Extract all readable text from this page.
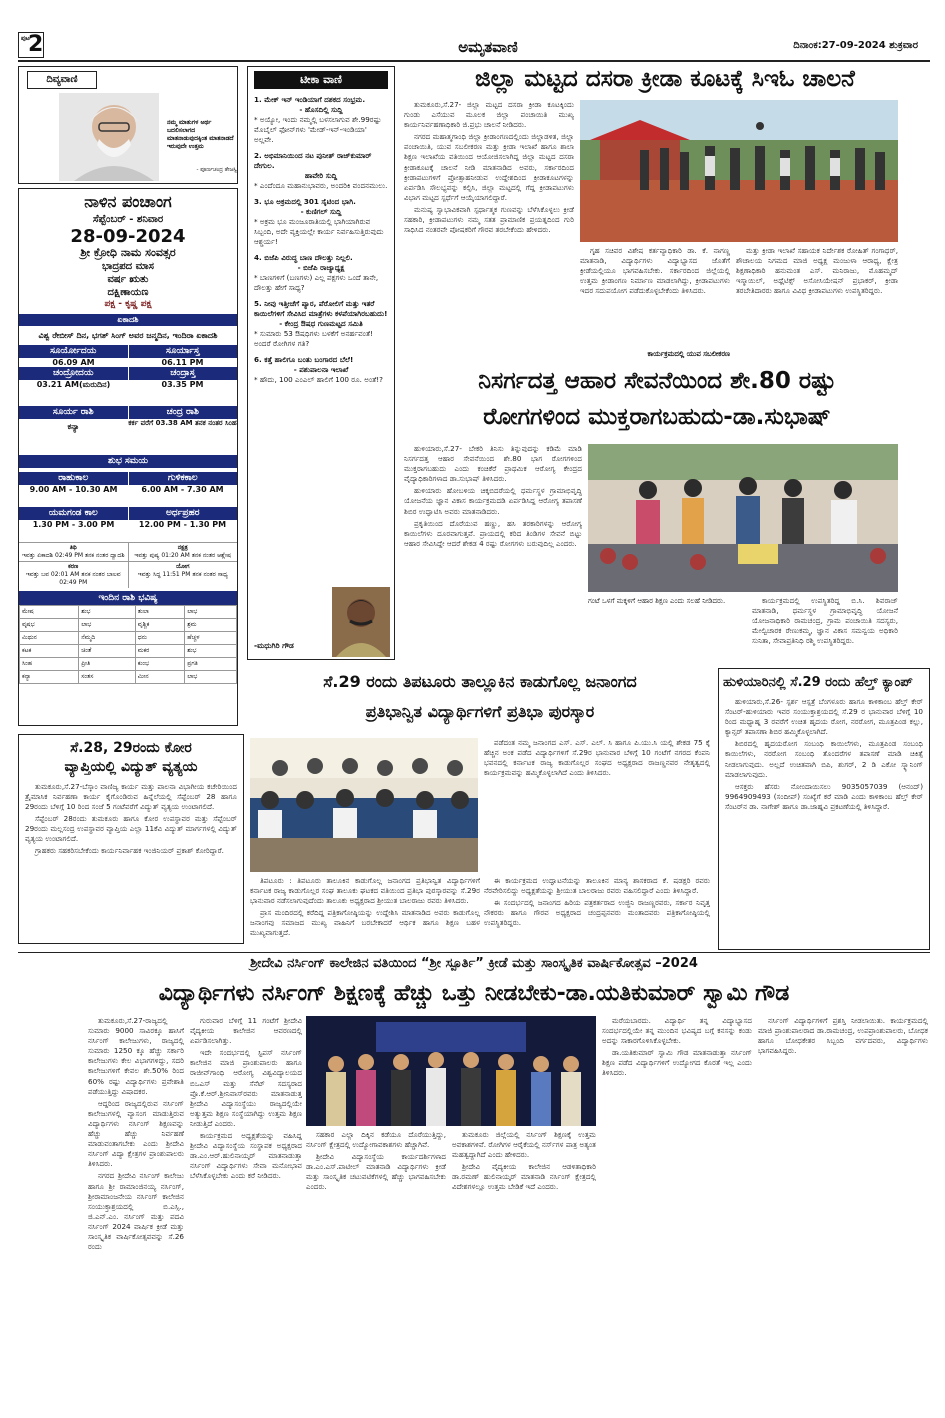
ಪುಟ
2	ಅಮೃತವಾಣಿ	ದಿನಾಂಕ:27-09-2024 ಶುಕ್ರವಾರ
ದಿವ್ಯವಾಣಿ
ನಮ್ಮ ಮಾತುಗಳ ಅರ್ಥ ಬದಲಿಸಲಾಗದ ಮಾತನಾಡುವುದಕ್ಕಿಂತ ಮಾತನಾಡದೆ ಇರುವುದೇ ಉತ್ತಮ
- ಪೂರ್ಣಚಂದ್ರ ತೇಜಸ್ವಿ
ನಾಳಿನ ಪಂಚಾಂಗ
ಸೆಪ್ಟೆಂಬರ್ - ಶನಿವಾರ
28-09-2024
ಶ್ರೀ ಕ್ರೋಧಿ ನಾಮ ಸಂವತ್ಸರ
ಭಾದ್ರಪದ ಮಾಸ
ವರ್ಷ ಋತು
ದಕ್ಷಿಣಾಯಣ
ಪಕ್ಷ - ಕೃಷ್ಣ ಪಕ್ಷ
ಏಕಾದಶಿ
ವಿಶ್ವ ರೇಬೀಸ್ ದಿನ, ಭಗತ್ ಸಿಂಗ್ ಅವರ ಜನ್ಮದಿನ, ಇಂದಿರಾ ಏಕಾದಶಿ
ಸೂರ್ಯೋದಯ	ಸೂರ್ಯಾಸ್ತ
06.09 AM	06.11 PM
ಚಂದ್ರೋದಯ	ಚಂದ್ರಾಸ್ತ
03.21 AM(ಮರುದಿನ)	03.35 PM
ಸೂರ್ಯ ರಾಶಿ	ಚಂದ್ರ ರಾಶಿ
ಕನ್ಯಾ	ಕರ್ಕ ವರೆಗೆ 03.38 AM ತನಕ ನಂತರ ಸಿಂಹ
ಶುಭ ಸಮಯ
ರಾಹುಕಾಲ	ಗುಳಿಕಕಾಲ
9.00 AM - 10.30 AM	6.00 AM - 7.30 AM
ಯಮಗಂಡ ಕಾಲ	ಅರ್ಧಪ್ರಹರ
1.30 PM - 3.00 PM	12.00 PM - 1.30 PM
ತಿಥಿ
ಇವತ್ತು ಏಕಾದಶಿ 02:49 PM ತನಕ ನಂತರ ದ್ವಾದಶಿ
ನಕ್ಷತ್ರ
ಇವತ್ತು ಪುಷ್ಯ 01:20 AM ತನಕ ನಂತರ ಆಶ್ಲೇಷ
ಕರಣ
ಇವತ್ತು ಬವ 02:01 AM ತನಕ ನಂತರ ಬಾಲವ 02:49 PM
ಯೋಗ
ಇವತ್ತು ಸಿದ್ಧ 11:51 PM ತನಕ ನಂತರ ಸಾಧ್ಯ
ಇಂದಿನ ರಾಶಿ ಭವಿಷ್ಯ
ಮೇಷ	ಶುಭ	ತುಲಾ	ಲಾಭ
ವೃಷಭ	ಲಾಭ	ವೃಶ್ಚಿಕ	ಶ್ರಮ
ಮಿಥುನ	ನೆಮ್ಮದಿ	ಧನು	ಹೆಚ್ಚಳ
ಕಟಕ	ಚಿಂತೆ	ಮಕರ	ಶುಭ
ಸಿಂಹ	ಪ್ರೀತಿ	ಕುಂಭ	ಪ್ರಗತಿ
ಕನ್ಯಾ	ಸಂತಸ	ಮೀನ	ಲಾಭ
ಸೆ.28, 29ರಂದು ಕೋರ
ವ್ಯಾಪ್ತಿಯಲ್ಲಿ ವಿದ್ಯುತ್ ವ್ಯತ್ಯಯ

ತುಮಕೂರು,ಸೆ.27-ಬೆಸ್ಕಾಂ ವಾಣಿಜ್ಯ ಕಾರ್ಯ ಮತ್ತು ಪಾಲನಾ ವಿಭಾಗೀಯ ಕಚೇರಿಯಿಂದ ತ್ರೈಮಾಸಿಕ ನಿರ್ವಹಣಾ ಕಾರ್ಯ ಕೈಗೊಂಡಿರುವ ಹಿನ್ನೆಲೆಯಲ್ಲಿ ಸೆಪ್ಟೆಂಬರ್ 28 ಹಾಗೂ 29ರಂದು ಬೆಳಿಗ್ಗೆ 10 ರಿಂದ ಸಂಜೆ 5 ಗಂಟೆವರೆಗೆ ವಿದ್ಯುತ್ ವ್ಯತ್ಯಯ ಉಂಟಾಗಲಿದೆ.

ಸೆಪ್ಟೆಂಬರ್ 28ರಂದು ತುಮಕೂರು ಹಾಗೂ ಕೋರ ಉಪಸ್ಥಾವರ ಮತ್ತು ಸೆಪ್ಟೆಂಬರ್ 29ರಂದು ಮಲ್ಲಸಂದ್ರ ಉಪಸ್ಥಾವರ ವ್ಯಾಪ್ತಿಯ ಎಲ್ಲಾ 11ಕೆವಿ ವಿದ್ಯುತ್ ಮಾರ್ಗಗಳಲ್ಲಿ ವಿದ್ಯುತ್ ವ್ಯತ್ಯಯ ಉಂಟಾಗಲಿದೆ.

ಗ್ರಾಹಕರು ಸಹಕರಿಸಬೇಕೆಂದು ಕಾರ್ಯನಿರ್ವಾಹಕ ಇಂಜಿನಿಯರ್ ಪ್ರಕಾಶ್ ಕೋರಿದ್ದಾರೆ.

ಟೀಕಾ ವಾಣಿ
1. ಮೇಕ್ ಇನ್ ಇಂಡಿಯಾಗೆ ದಶಕದ ಸಂಭ್ರಮ.
- ಹೊಸದಿಲ್ಲಿ ಸುದ್ದಿ
* ಅಯ್ಯೋ, ಇಂದು ನಮ್ಮಲ್ಲಿ ಬಳಸಲಾಗುವ ಶೇ.99ರಷ್ಟು ಮೊಬೈಲ್ ಫೋನ್‌ಗಳು 'ಮೇಡ್-ಇನ್-ಇಂಡಿಯಾ' ಅಲ್ಲವೇ.
2. ಅಭಿಮಾನಿಯಿಂದ ನಟ ಪುನೀತ್ ರಾಜ್‌ಕುಮಾರ್ ದೇಗುಲ.
ಹಾವೇರಿ ಸುದ್ದಿ
* ಎಂದೆಂದೂ ಮಹಾನುಭಾವರು, ಅಂದರಿಕಿ ವಂದನಮುಲು.
3. ಭೂ ಅಕ್ರಮದಲ್ಲಿ 301 ಸೈಟಿಂದ ಭಾಗಿ.
- ಕುಣಿಗಲ್ ಸುದ್ದಿ
* ಅಕ್ರಮ ಭೂ ಮಂಜೂರಾತಿಯಲ್ಲಿ ಭಾಗಿಯಾಗಿರುವ ಸಿಬ್ಬಂದಿ, ಅದೇ ವ್ಯಕ್ತಿಯಲ್ಲೇ ಕಾರ್ಯ ನಿರ್ವಹಿಸುತ್ತಿರುವುದು ಆಶ್ಚರ್ಯ!
4. ಬಿಜೆಪಿ ವಿರುದ್ಧ ಬಾಣ ದೌಲತ್ತು ನಿಲ್ಲಲಿ.
- ಬಿಜೆಪಿ ರಾಜ್ಯಾಧ್ಯಕ್ಷ
* ಬಾಣಗಳಿಗೆ (ಬಣಗಳು) ಎಲ್ಲ ಪಕ್ಷಗಳು ಒಂದೆ ತಾನೇ, ದೌಲತ್ತು ಹೇಗೆ ಸಾಧ್ಯ?
5. ನೀವು ಇತ್ತೀಚೆಗೆ ಪ್ಯಾರ, ಪೆರೋಲಿಗೆ ಮತ್ತು ಇತರೆ ಕಾಯಿಲೆಗಳಿಗೆ ಸೇವಿಸಿದ ಮಾತ್ರೆಗಳು ಕಳಪೆಯಾಗಿರಬಹುದು!
- ಕೇಂದ್ರ ಔಷಧ ಗುಣಮಟ್ಟದ ಸಮಿತಿ
* ಸುಮಾರು 53 ಔಷಧಿಗಳು ಬಳಕೆಗೆ ಅನರ್ಹವಂತೆ! ಅಂದರೆ ರೋಗಿಗಳ ಗತಿ?
6. ಕತ್ತೆ ಹಾಲಿಗೂ ಬಂತು ಬಂಗಾರದ ಬೆಲೆ!
- ಪಶುಪಾಲನಾ ಇಲಾಖೆ
* ಹೌದು, 100 ಎಂಎಲ್ ಹಾಲಿಗೆ 100 ರೂ. ಅಂತೆ!?
-ಮಧುಗಿರಿ ಗೌಡ
ಜಿಲ್ಲಾ ಮಟ್ಟದ ದಸರಾ ಕ್ರೀಡಾ ಕೂಟಕ್ಕೆ ಸಿಇಓ ಚಾಲನೆ

ತುಮಕೂರು,ಸೆ.27- ಜಿಲ್ಲಾ ಮಟ್ಟದ ದಸರಾ ಕ್ರೀಡಾ ಕೂಟಕ್ಕಿಂದು ಗುಂಡು ಎಸೆಯುವ ಮೂಲಕ ಜಿಲ್ಲಾ ಪಂಚಾಯಿತಿ ಮುಖ್ಯ ಕಾರ್ಯನಿರ್ವಹಣಾಧಿಕಾರಿ ಜಿ.ಪ್ರಭು ಚಾಲನೆ ನೀಡಿದರು.

ನಗರದ ಮಹಾತ್ಮಗಾಂಧಿ ಜಿಲ್ಲಾ ಕ್ರೀಡಾಂಗಣದಲ್ಲಿಂದು ಜಿಲ್ಲಾಡಳಿತ, ಜಿಲ್ಲಾ ಪಂಚಾಯಿತಿ, ಯುವ ಸಬಲೀಕರಣ ಮತ್ತು ಕ್ರೀಡಾ ಇಲಾಖೆ ಹಾಗೂ ಶಾಲಾ ಶಿಕ್ಷಣ ಇಲಾಖೆಯ ವತಿಯಿಂದ ಆಯೋಜಿಸಲಾಗಿದ್ದ ಜಿಲ್ಲಾ ಮಟ್ಟದ ದಸರಾ ಕ್ರೀಡಾಕೂಟಕ್ಕೆ ಚಾಲನೆ ನೀಡಿ ಮಾತನಾಡಿದ ಅವರು, ಸರ್ಕಾರದಿಂದ ಕ್ರೀಡಾಪಟುಗಳಿಗೆ ಪ್ರೋತ್ಸಾಹನೀಡುವ ಉದ್ದೇಶದಿಂದ ಕ್ರೀಡಾಕೂಟಗಳನ್ನು ಏರ್ಪಡಿಸಿ ಸೌಲಭ್ಯವನ್ನು ಕಲ್ಪಿಸಿ, ಜಿಲ್ಲಾ ಮಟ್ಟದಲ್ಲಿ ಗೆದ್ದ ಕ್ರೀಡಾಪಟುಗಳು ವಿಭಾಗ ಮಟ್ಟದ ಸ್ಪರ್ಧೆಗೆ ಆಯ್ಕೆಯಾಗಲಿದ್ದಾರೆ.

ಮನುಷ್ಯ ಸ್ವಾಭಾವಿಕವಾಗಿ ಸ್ಪರ್ಧಾತ್ಮಕ ಗುಣವನ್ನು ಬೆಳೆಸಿಕೊಳ್ಳಲು ಕ್ರೀಡೆ ಸಹಕಾರಿ, ಕ್ರೀಡಾಪಟುಗಳು ನಮ್ಮ ಸತತ ಪ್ರಾಮಾಣಿಕ ಪ್ರಯತ್ನದಿಂದ ಗುರಿ ಸಾಧಿಸಿದ ನಂತರವೇ ಪೋಷಕರಿಗೆ ಗೌರವ ತರಬೇಕೆಂದು ಹೇಳಿದರು.

ಗೃಹ ಸಚಿವರ ವಿಶೇಷ ಕರ್ತವ್ಯಾಧಿಕಾರಿ ಡಾ. ಕೆ. ನಾಗಣ್ಣ ಮಾತನಾಡಿ, ವಿದ್ಯಾರ್ಥಿಗಳು ವಿದ್ಯಾಭ್ಯಾಸದ ಜೊತೆಗೆ ಕ್ರೀಡೆಯಲ್ಲಿಯೂ ಭಾಗವಹಿಸಬೇಕು. ಸರ್ಕಾರದಿಂದ ಜಿಲ್ಲೆಯಲ್ಲಿ ಉತ್ತಮ ಕ್ರೀಡಾಂಗಣ ನಿರ್ಮಾಣ ಮಾಡಲಾಗಿದ್ದು, ಕ್ರೀಡಾಪಟುಗಳು ಇದರ ಸದುಪಯೋಗ ಪಡೆದುಕೊಳ್ಳಬೇಕೆಂದು ತಿಳಿಸಿದರು.

ಮತ್ತು ಕ್ರೀಡಾ ಇಲಾಖೆ ಸಹಾಯಕ ನಿರ್ದೇಶಕ ರೋಹಿತ್ ಗಂಗಾಧರ್, ಶೌಚಾಲಯ ನಿಗಮದ ಮಾಜಿ ಅಧ್ಯಕ್ಷ ಮಂಜುಳಾ ಆರಾಧ್ಯ, ಕ್ಷೇತ್ರ ಶಿಕ್ಷಣಾಧಿಕಾರಿ ಹನುಮಂತ ಎಸ್. ಮನಿರಾಜು, ಮೊಹಮ್ಮದ್ ಇಸ್ಮಾಯಿಲ್, ಅಥ್ಲೆಟಿಕ್ಸ್ ಅಸೋಸಿಯೇಷನ್ ಪ್ರಭಾಕರ್, ಕ್ರೀಡಾ ತರಬೇತಿದಾರರು ಹಾಗೂ ವಿವಿಧ ಕ್ರೀಡಾಪಟುಗಳು ಉಪಸ್ಥಿತರಿದ್ದರು.

ಕಾರ್ಯಕ್ರಮದಲ್ಲಿ ಯುವ ಸಬಲೀಕರಣ
ನಿಸರ್ಗದತ್ತ ಆಹಾರ ಸೇವನೆಯಿಂದ ಶೇ.80 ರಷ್ಟು
ರೋಗಗಳಿಂದ ಮುಕ್ತರಾಗಬಹುದು-ಡಾ.ಸುಭಾಷ್

ಹುಳಿಯಾರು,ಸೆ.27- ಬೇಕರಿ ತಿನಿಸು ತಿನ್ನುವುದನ್ನು ಕಡಿಮೆ ಮಾಡಿ ನಿಸರ್ಗದತ್ತ ಆಹಾರ ಸೇವನೆಯಿಂದ ಶೇ.80 ಭಾಗ ರೋಗಗಳಿಂದ ಮುಕ್ತರಾಗಬಹುದು ಎಂದು ಕಂಚಿಕೆರೆ ಪ್ರಾಥಮಿಕ ಆರೋಗ್ಯ ಕೇಂದ್ರದ ವೈದ್ಯಾಧಿಕಾರಿಗಳಾದ ಡಾ.ಸುಭಾಷ್ ತಿಳಿಸಿದರು.

ಹುಳಿಯಾರು ಹೋಬಳಿಯ ಚಿಕ್ಕಬಿದರೆಯಲ್ಲಿ ಧರ್ಮಸ್ಥಳ ಗ್ರಾಮಾಭಿವೃದ್ಧಿ ಯೋಜನೆಯ ಜ್ಞಾನ ವಿಕಾಸ ಕಾರ್ಯಕ್ರಮದಡಿ ಏರ್ಪಡಿಸಿದ್ದ ಆರೋಗ್ಯ ತಪಾಸಣೆ ಶಿಬಿರ ಉದ್ಘಾಟಿಸಿ ಅವರು ಮಾತನಾಡಿದರು.

ಪ್ರಕೃತಿಯಿಂದ ದೊರೆಯುವ ಹಣ್ಣು, ಹಸಿ ತರಕಾರಿಗಳನ್ನು ಆರೋಗ್ಯ ಕಾಯಿಲೆಗಳು ದೂರವಾಗುತ್ತವೆ. ಪ್ರಾಯದಲ್ಲಿ ಕರಿದ ತಿಂಡಿಗಳ ಸೇವನೆ ಬಿಟ್ಟು ಆಹಾರ ಸೇವಿಸಿದ್ದೇ ಆದರೆ ಶೇಕಡ 4 ರಷ್ಟು ರೋಗಗಳು ಬರುವುದಿಲ್ಲ ಎಂದರು.

ಗಂಟೆ ಒಳಗೆ ಮಕ್ಕಳಿಗೆ ಆಹಾರ ಶಿಕ್ಷಣ ಎಂದು ಸಲಹೆ ನೀಡಿದರು.	ಕಾರ್ಯಕ್ರಮದಲ್ಲಿ ಉಪಸ್ಥಿತರಿದ್ದ ಬಿ.ಸಿ. ಶಿವರಾಜ್ ಮಾತನಾಡಿ, ಧರ್ಮಸ್ಥಳ ಗ್ರಾಮಾಭಿವೃದ್ಧಿ ಯೋಜನೆ ಯೋಜನಾಧಿಕಾರಿ ರಾಮಚಂದ್ರ, ಗ್ರಾಮ ಪಂಚಾಯಿತಿ ಸದಸ್ಯರು, ಮೇಲ್ವಿಚಾರಕ ರೇಣುಕಮ್ಮ, ಜ್ಞಾನ ವಿಕಾಸ ಸಮನ್ವಯ ಅಧಿಕಾರಿ ಸುನಿತಾ, ಸೇವಾಪ್ರತಿನಿಧಿ ರಶ್ಮಿ ಉಪಸ್ಥಿತರಿದ್ದರು.

ಸೆ.29 ರಂದು ತಿಪಟೂರು ತಾಲ್ಲೂಕಿನ ಕಾಡುಗೊಲ್ಲ ಜನಾಂಗದ
ಪ್ರತಿಭಾನ್ವಿತ ವಿದ್ಯಾರ್ಥಿಗಳಿಗೆ ಪ್ರತಿಭಾ ಪುರಸ್ಕಾರ

ಪಡೆದಂತ ನಮ್ಮ ಜನಾಂಗದ ಎಸ್. ಎಸ್. ಎಲ್. ಸಿ ಹಾಗೂ ಪಿ.ಯು.ಸಿ ಯಲ್ಲಿ ಶೇಕಡ 75 ಕ್ಕೆ ಹೆಚ್ಚಿನ ಅಂಕ ಪಡೆದ ವಿದ್ಯಾರ್ಥಿಗಳಿಗೆ ಸೆ.29ರ ಭಾನುವಾರ ಬೆಳಿಗ್ಗೆ 10 ಗಂಟೆಗೆ ನಗರದ ಕೆಂಪನಿ ಭವನದಲ್ಲಿ ಕರ್ನಾಟಕ ರಾಜ್ಯ ಕಾಡುಗೊಲ್ಲರ ಸಂಘದ ಅಧ್ಯಕ್ಷರಾದ ರಾಜಣ್ಣನವರ ನೇತೃತ್ವದಲ್ಲಿ ಕಾರ್ಯಕ್ರಮವನ್ನು ಹಮ್ಮಿಕೊಳ್ಳಲಾಗಿದೆ ಎಂದು ತಿಳಿಸಿದರು.

ತಿಪಟೂರು : ತಿಪಟೂರು ತಾಲೂಕಿನ ಕಾಡುಗೊಲ್ಲ ಜನಾಂಗದ ಪ್ರತಿಭಾನ್ವಿತ ವಿದ್ಯಾರ್ಥಿಗಳಿಗೆ ಕರ್ನಾಟಕ ರಾಜ್ಯ ಕಾಡುಗೊಲ್ಲರ ಸಂಘ ತಾಲೂಕು ಘಟಕದ ವತಿಯಿಂದ ಪ್ರತಿಭಾ ಪುರಸ್ಕಾರವನ್ನು ಸೆ.29ರ ಭಾನುವಾರ ನಡೆಸಲಾಗುವುದೆಂದು ತಾಲೂಕು ಅಧ್ಯಕ್ಷರಾದ ಶ್ರೀಯುತ ಬಾಲರಾಜು ರವರು ತಿಳಿಸಿದರು.

ಪ್ರಾಸ ಮಂದಿರದಲ್ಲಿ ಕರೆದಿದ್ದ ಪತ್ರಿಕಾಗೋಷ್ಠಿಯನ್ನು ಉದ್ದೇಶಿಸಿ ಮಾತನಾಡಿದ ಅವರು ಕಾಡುಗೊಲ್ಲ ಜನಾಂಗವು ಸಮಾಜದ ಮುಖ್ಯ ವಾಹಿನಿಗೆ ಬರಬೇಕಾದರೆ ಆರ್ಥಿಕ ಹಾಗೂ ಶಿಕ್ಷಣ ಬಹಳ ಮುಖ್ಯವಾಗುತ್ತದೆ.

ಈ ಕಾರ್ಯಕ್ರಮದ ಉದ್ಘಾಟನೆಯನ್ನು ತಾಲೂಕಿನ ಮಾನ್ಯ ಶಾಸಕರಾದ ಕೆ. ಷಡಕ್ಷರಿ ರವರು ನೆರವೇರಿಸಲಿದ್ದು ಅಧ್ಯಕ್ಷತೆಯನ್ನು ಶ್ರೀಯುತ ಬಾಲರಾಜು ರವರು ವಹಿಸಲಿದ್ದಾರೆ ಎಂದು ತಿಳಿಸಿದ್ದಾರೆ.

ಈ ಸಂದರ್ಭದಲ್ಲಿ ಜನಾಂಗದ ಹಿರಿಯ ಪತ್ರಕರ್ತರಾದ ಉಜ್ಜಿನಿ ರಾಜಣ್ಣರವರು, ಸರ್ಕಾರ ನಿವೃತ್ತ ನೌಕರರು ಹಾಗೂ ಗೌರವ ಅಧ್ಯಕ್ಷರಾದ ಚಂದ್ರಪ್ಪನವರು ಮಂತಾದವರು ಪತ್ರಿಕಾಗೋಷ್ಠಿಯಲ್ಲಿ ಉಪಸ್ಥಿತರಿದ್ದರು.

ಹುಳಿಯಾರಿನಲ್ಲಿ ಸೆ.29 ರಂದು ಹೆಲ್ತ್ ಕ್ಯಾಂಪ್

ಹುಳಿಯಾರು,ಸೆ.26- ಸ್ಪರ್ಶ ಆಸ್ಪತ್ರೆ ಬೆಂಗಳೂರು ಹಾಗೂ ಕಾಳಿಕಾಂಬ ಹೆಲ್ತ್ ಕೇರ್ ಸೆಂಟರ್-ಹುಳಿಯಾರು ಇವರ ಸಂಯುಕ್ತಾಶ್ರಯದಲ್ಲಿ ಸೆ.29 ರ ಭಾನುವಾರ ಬೆಳಿಗ್ಗೆ 10 ರಿಂದ ಮಧ್ಯಾಹ್ನ 3 ರವರೆಗೆ ಉಚಿತ ಹೃದಯ ರೋಗ, ನರರೋಗ, ಮೂತ್ರಪಿಂಡ ಕಲ್ಲು, ಕ್ಯಾನ್ಸರ್ ತಪಾಸಣಾ ಶಿಬಿರ ಹಮ್ಮಿಕೊಳ್ಳಲಾಗಿದೆ.

ಶಿಬಿರದಲ್ಲಿ ಹೃದಯರೋಗ ಸಂಬಂಧಿ ಕಾಯಿಲೆಗಳು, ಮೂತ್ರಪಿಂಡ ಸಂಬಂಧಿ ಕಾಯಿಲೆಗಳು, ನರರೋಗ ಸಂಬಂಧಿ ತೊಂದರೆಗಳ ತಪಾಸಣೆ ಮಾಡಿ ಚಿಕಿತ್ಸೆ ನೀಡಲಾಗುವುದು. ಅಲ್ಲದೆ ಉಚಿತವಾಗಿ ಬಿಪಿ, ಶುಗರ್, 2 ಡಿ ಎಕೋ ಸ್ಕ್ಯಾನಿಂಗ್ ಮಾಡಲಾಗುವುದು.

ಆಸಕ್ತರು ಹೆಸರು ನೋಂದಾಯಿಸಲು 9035057039 (ಆನಂದ್) 9964909493 (ಸಂದೀಪ್) ಸಂಖ್ಯೆಗೆ ಕರೆ ಮಾಡಿ ಎಂದು ಕಾಳಿಕಾಂಬ ಹೆಲ್ತ್ ಕೇರ್ ಸೆಂಟರ್‌ನ ಡಾ. ನಾಗೇಶ್ ಹಾಗೂ ಡಾ.ಜಾಹ್ನವಿ ಪ್ರಕಟಣೆಯಲ್ಲಿ ತಿಳಿಸಿದ್ದಾರೆ.

ಶ್ರೀದೇವಿ ನರ್ಸಿಂಗ್ ಕಾಲೇಜಿನ ವತಿಯಿಂದ “ಶ್ರೀ ಸ್ಪೂರ್ತಿ” ಕ್ರೀಡೆ ಮತ್ತು ಸಾಂಸ್ಕೃತಿಕ ವಾರ್ಷಿಕೋತ್ಸವ –2024
ವಿದ್ಯಾರ್ಥಿಗಳು ನರ್ಸಿಂಗ್ ಶಿಕ್ಷಣಕ್ಕೆ ಹೆಚ್ಚು ಒತ್ತು ನೀಡಬೇಕು-ಡಾ.ಯತಿಕುಮಾರ್ ಸ್ವಾಮಿ ಗೌಡ

ತುಮಕೂರು,ಸೆ.27-ರಾಜ್ಯದಲ್ಲಿ ಸುಮಾರು 9000 ಸಾವಿರಕ್ಕೂ ಹಾಸಿಗೆ ನರ್ಸಿಂಗ್ ಕಾಲೇಜುಗಳು, ರಾಜ್ಯದಲ್ಲಿ ಸುಮಾರು 1250 ಕ್ಕೂ ಹೆಚ್ಚು ಸರ್ಕಾರಿ ಕಾಲೇಜುಗಳು ಕೇಲ ವಿಭಾಗಗಳಿದ್ದು, ಸದರಿ ಕಾಲೇಜುಗಳಿಗೆ ಕೇವಲ ಶೇ.50% ರಿಂದ 60% ರಷ್ಟು ವಿದ್ಯಾರ್ಥಿಗಳು ಪ್ರವೇಶಾತಿ ಪಡೆಯುತ್ತಿದ್ದು ವಿಷಾದಕರ.

ಆದ್ದರಿಂದ ರಾಜ್ಯದಲ್ಲಿರುವ ನರ್ಸಿಂಗ್ ಕಾಲೇಜುಗಳಲ್ಲಿ ವ್ಯಾಸಂಗ ಮಾಡುತ್ತಿರುವ ವಿದ್ಯಾರ್ಥಿಗಳು ನರ್ಸಿಂಗ್ ಶಿಕ್ಷಣವನ್ನು ಹೆಚ್ಚು ಹೆಚ್ಚು ನಿರ್ವಹಣೆ ಮಾಡುವಂತಾಗಬೇಕು ಎಂದು ಶ್ರೀದೇವಿ ನರ್ಸಿಂಗ್ ವಿದ್ಯಾ ಕ್ಷೇತ್ರಗಳ ಪ್ರಾಂಶುಪಾಲರು ತಿಳಿಸಿದರು.

ನಗರದ ಶ್ರೀದೇವಿ ನರ್ಸಿಂಗ್ ಕಾಲೇಜು ಹಾಗೂ ಶ್ರೀ ರಾಮಾಂಜಿನಯ್ಯ ನರ್ಸಿಂಗ್, ಶ್ರೀರಾಮಾಂಜನೇಯ ನರ್ಸಿಂಗ್ ಕಾಲೇಜಿನ ಸಂಯುಕ್ತಾಶ್ರಯದಲ್ಲಿ ಬಿ.ಎಸ್ಸಿ., ಜಿ.ಎನ್.ಎಂ. ನರ್ಸಿಂಗ್ ಮತ್ತು ಪದವಿ ನರ್ಸಿಂಗ್ 2024 ವಾರ್ಷಿಕ ಕ್ರೀಡೆ ಮತ್ತು ಸಾಂಸ್ಕೃತಿಕ ವಾರ್ಷಿಕೋತ್ಸವವನ್ನು ಸೆ.26 ರಂದು

ಗುರುವಾರ ಬೆಳಿಗ್ಗೆ 11 ಗಂಟೆಗೆ ಶ್ರೀದೇವಿ ವೈದ್ಯಕೀಯ ಕಾಲೇಜಿನ ಆವರಣದಲ್ಲಿ ಏರ್ಪಡಿಸಲಾಗಿತ್ತು.

ಇದೇ ಸಂದರ್ಭದಲ್ಲಿ ಸ್ಟಿಪಸ್ ನರ್ಸಿಂಗ್ ಕಾಲೇಜಿನ ಮಾಜಿ ಪ್ರಾಂಶುಪಾಲರು ಹಾಗೂ ರಾಜೀವ್‌ಗಾಂಧಿ ಆರೋಗ್ಯ ವಿಶ್ವವಿದ್ಯಾಲಯದ ಬಿಒಎಸ್ ಮತ್ತು ಸೆನೆಟ್ ಸದಸ್ಯರಾದ ಪ್ರೊ.ಕೆ.ಆರ್.ಶ್ರೀನಿವಾಸ್‌ರವರು ಮಾತನಾಡುತ್ತ ಶ್ರೀದೇವಿ ವಿದ್ಯಾಸಂಸ್ಥೆಯು ರಾಜ್ಯದಲ್ಲಿಯೇ ಅತ್ಯುತ್ತಮ ಶಿಕ್ಷಣ ಸಂಸ್ಥೆಯಾಗಿದ್ದು ಉತ್ತಮ ಶಿಕ್ಷಣ ನೀಡುತ್ತಿದೆ ಎಂದರು.

ಕಾರ್ಯಕ್ರಮದ ಅಧ್ಯಕ್ಷತೆಯನ್ನು ವಹಿಸಿದ್ದ ಶ್ರೀದೇವಿ ವಿದ್ಯಾಸಂಸ್ಥೆಯ ಸಂಸ್ಥಾಪಕ ಅಧ್ಯಕ್ಷರಾದ ಡಾ.ಎಂ.ಆರ್.ಹುಲಿನಾಯ್ಕರ್ ಮಾತನಾಡುತ್ತಾ ನರ್ಸಿಂಗ್ ವಿದ್ಯಾರ್ಥಿಗಳು ಸೇವಾ ಮನೋಭಾವ ಬೆಳೆಸಿಕೊಳ್ಳಬೇಕು ಎಂದು ಕರೆ ನೀಡಿದರು.

ಸಹಕಾರ ಎಲ್ಲಾ ದಿಕ್ಕಿನ ಕಡೆಯೂ ದೊರೆಯುತ್ತಿದ್ದು, ನರ್ಸಿಂಗ್ ಕ್ಷೇತ್ರದಲ್ಲಿ ಉದ್ಯೋಗಾವಕಾಶಗಳು ಹೆಚ್ಚಾಗಿವೆ.

ಶ್ರೀದೇವಿ ವಿದ್ಯಾಸಂಸ್ಥೆಯ ಕಾರ್ಯದರ್ಶಿಗಳಾದ ಡಾ.ಎಂ.ಎಸ್.ಪಾಟೀಲ್ ಮಾತನಾಡಿ ವಿದ್ಯಾರ್ಥಿಗಳು ಕ್ರೀಡೆ ಮತ್ತು ಸಾಂಸ್ಕೃತಿಕ ಚಟುವಟಿಕೆಗಳಲ್ಲಿ ಹೆಚ್ಚು ಭಾಗವಹಿಸಬೇಕು ಎಂದರು.

ತುಮಕೂರು ಜಿಲ್ಲೆಯಲ್ಲಿ ನರ್ಸಿಂಗ್ ಶಿಕ್ಷಣಕ್ಕೆ ಉತ್ತಮ ಅವಕಾಶಗಳಿವೆ. ರೋಗಿಗಳ ಆರೈಕೆಯಲ್ಲಿ ನರ್ಸ್‌ಗಳ ಪಾತ್ರ ಅತ್ಯಂತ ಮಹತ್ವದ್ದಾಗಿದೆ ಎಂದು ಹೇಳಿದರು.

ಶ್ರೀದೇವಿ ವೈದ್ಯಕೀಯ ಕಾಲೇಜಿನ ಆಡಳಿತಾಧಿಕಾರಿ ಡಾ.ರಮಣ್ ಹುಲಿನಾಯ್ಕರ್ ಮಾತನಾಡಿ ನರ್ಸಿಂಗ್ ಕ್ಷೇತ್ರದಲ್ಲಿ ವಿದೇಶಗಳಲ್ಲೂ ಉತ್ತಮ ಬೇಡಿಕೆ ಇದೆ ಎಂದರು.

ಮರೆಯಬಾರದು. ವಿದ್ಯಾರ್ಥಿ ತನ್ನ ವಿದ್ಯಾಭ್ಯಾಸದ ಸಂದರ್ಭದಲ್ಲಿಯೇ ತನ್ನ ಮುಂದಿನ ಭವಿಷ್ಯದ ಬಗ್ಗೆ ಕನಸನ್ನು ಕಂಡು ಅದನ್ನು ಸಾಕಾರಗೊಳಿಸಿಕೊಳ್ಳಬೇಕು.

ಡಾ.ಯತಿಕುಮಾರ್ ಸ್ವಾಮಿ ಗೌಡ ಮಾತನಾಡುತ್ತಾ ನರ್ಸಿಂಗ್ ಶಿಕ್ಷಣ ಪಡೆದ ವಿದ್ಯಾರ್ಥಿಗಳಿಗೆ ಉದ್ಯೋಗದ ಕೊರತೆ ಇಲ್ಲ ಎಂದು ತಿಳಿಸಿದರು.

ನರ್ಸಿಂಗ್ ವಿದ್ಯಾರ್ಥಿಗಳಿಗೆ ಪ್ರಶಸ್ತಿ ನೀಡಲಾಯಿತು. ಕಾರ್ಯಕ್ರಮದಲ್ಲಿ ಮಾಜಿ ಪ್ರಾಂಶುಪಾಲರಾದ ಡಾ.ರಾಮಚಂದ್ರ, ಉಪಪ್ರಾಂಶುಪಾಲರು, ಬೋಧಕ ಹಾಗೂ ಬೋಧಕೇತರ ಸಿಬ್ಬಂದಿ ವರ್ಗದವರು, ವಿದ್ಯಾರ್ಥಿಗಳು ಭಾಗವಹಿಸಿದ್ದರು.
